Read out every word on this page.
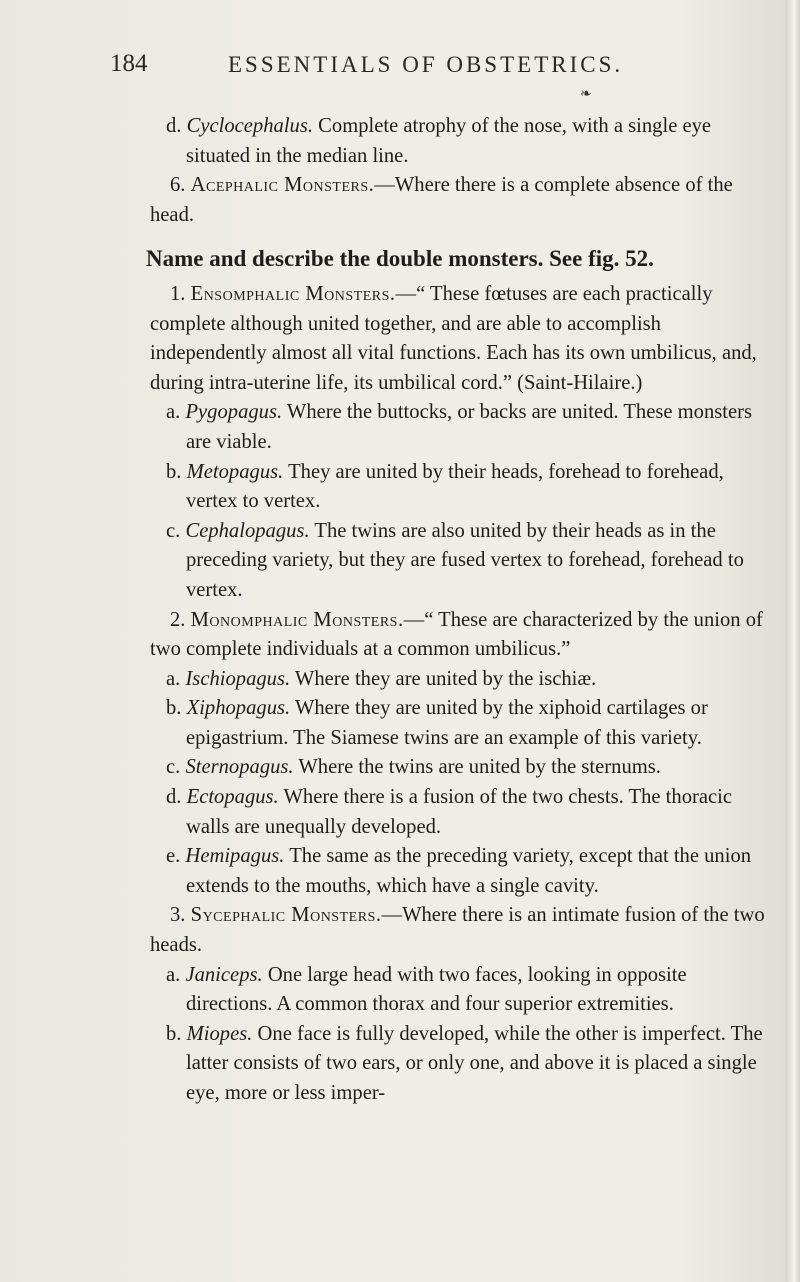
184	ESSENTIALS OF OBSTETRICS.
❧

d. Cyclocephalus. Complete atrophy of the nose, with a single eye situated in the median line.

6. Acephalic Monsters.—Where there is a complete absence of the head.

Name and describe the double monsters. See fig. 52.

1. Ensomphalic Monsters.—“ These fœtuses are each practically complete although united together, and are able to accomplish independently almost all vital functions. Each has its own umbilicus, and, during intra-uterine life, its umbilical cord.” (Saint-Hilaire.)

a. Pygopagus. Where the buttocks, or backs are united. These monsters are viable.

b. Metopagus. They are united by their heads, forehead to forehead, vertex to vertex.

c. Cephalopagus. The twins are also united by their heads as in the preceding variety, but they are fused vertex to forehead, forehead to vertex.

2. Monomphalic Monsters.—“ These are characterized by the union of two complete individuals at a common umbilicus.”

a. Ischiopagus. Where they are united by the ischiæ.

b. Xiphopagus. Where they are united by the xiphoid cartilages or epigastrium. The Siamese twins are an example of this variety.

c. Sternopagus. Where the twins are united by the sternums.

d. Ectopagus. Where there is a fusion of the two chests. The thoracic walls are unequally developed.

e. Hemipagus. The same as the preceding variety, except that the union extends to the mouths, which have a single cavity.

3. Sycephalic Monsters.—Where there is an intimate fusion of the two heads.

a. Janiceps. One large head with two faces, looking in opposite directions. A common thorax and four superior extremities.

b. Miopes. One face is fully developed, while the other is imperfect. The latter consists of two ears, or only one, and above it is placed a single eye, more or less imper-
